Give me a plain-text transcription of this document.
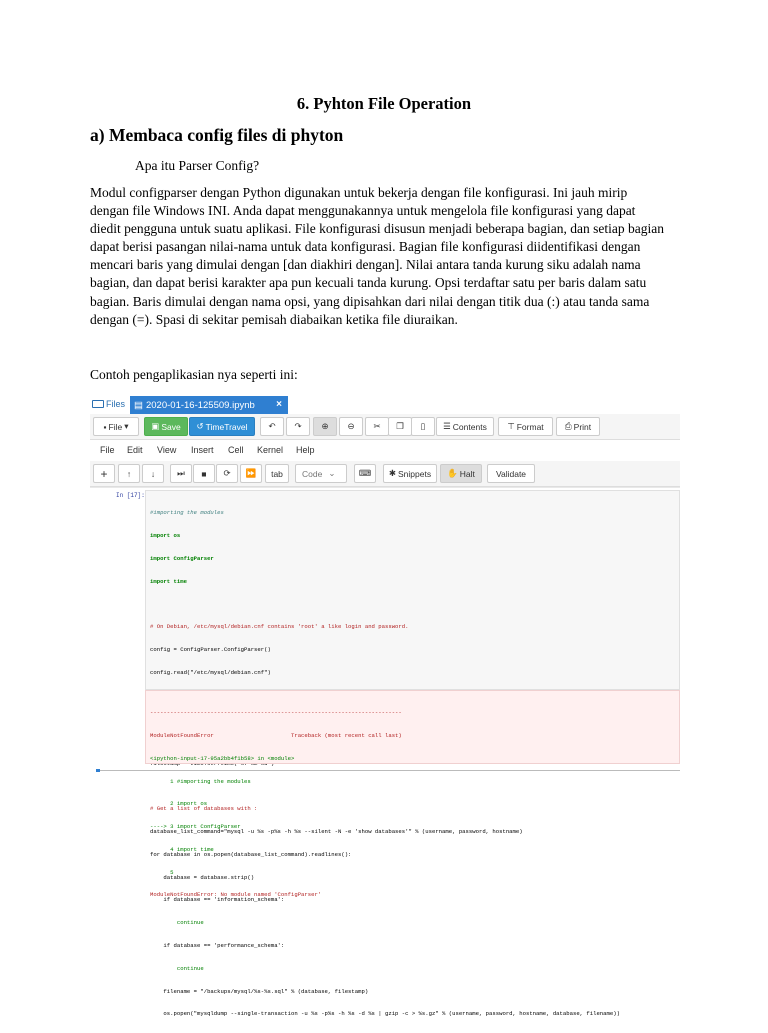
6. Pyhton File Operation
a) Membaca config files di phyton
Apa itu Parser Config?
Modul configparser dengan Python digunakan untuk bekerja dengan file konfigurasi. Ini jauh mirip
dengan file Windows INI. Anda dapat menggunakannya untuk mengelola file konfigurasi yang dapat
diedit pengguna untuk suatu aplikasi. File konfigurasi disusun menjadi beberapa bagian, dan setiap bagian
dapat berisi pasangan nilai-nama untuk data konfigurasi. Bagian file konfigurasi diidentifikasi dengan
mencari baris yang dimulai dengan [dan diakhiri dengan]. Nilai antara tanda kurung siku adalah nama
bagian, dan dapat berisi karakter apa pun kecuali tanda kurung. Opsi terdaftar satu per baris dalam satu
bagian. Baris dimulai dengan nama opsi, yang dipisahkan dari nilai dengan titik dua (:) atau tanda sama
dengan (=). Spasi di sekitar pemisah diabaikan ketika file diuraikan.
Contoh pengaplikasian nya seperti ini:
Files ▤ 2020-01-16-125509.ipynb ×
▪ File ▾	▣ Save ↺ TimeTravel ↶ ↷ ⊕ ⊖ ✂ ❐ ▯ ☰ Contents ⊤ Format ⎙ Print
File Edit View Insert Cell Kernel Help
+ ↑ ↓	⏭ ■ ⟳ ⏩ tab Code ⌄	⌨ ✱ Snippets ✋ Halt Validate
In [17]:

#importing the modules

import os

import ConfigParser

import time

# On Debian, /etc/mysql/debian.cnf contains 'root' a like login and password.

config = ConfigParser.ConfigParser()

config.read("/etc/mysql/debian.cnf")

# Get a list of databases with :

database_list_command="mysql -u %s -p%s -h %s --silent -N -e 'show databases'" % (username, password, hostname)

for database in os.popen(database_list_command).readlines():

database = database.strip()

if database == 'information_schema':

continue

if database == 'performance_schema':

continue

filename = "/backups/mysql/%s-%s.sql" % (database, filestamp)

os.popen("mysqldump --single-transaction -u %s -p%s -h %s -d %s | gzip -c > %s.gz" % (username, password, hostname, database, filename))

---------------------------------------------------------------------------

ModuleNotFoundError                       Traceback (most recent call last)

<ipython-input-17-95a2bb4f1b58> in <module>

1 #importing the modules

2 import os

----> 3 import ConfigParser

4 import time

5

ModuleNotFoundError: No module named 'ConfigParser'
